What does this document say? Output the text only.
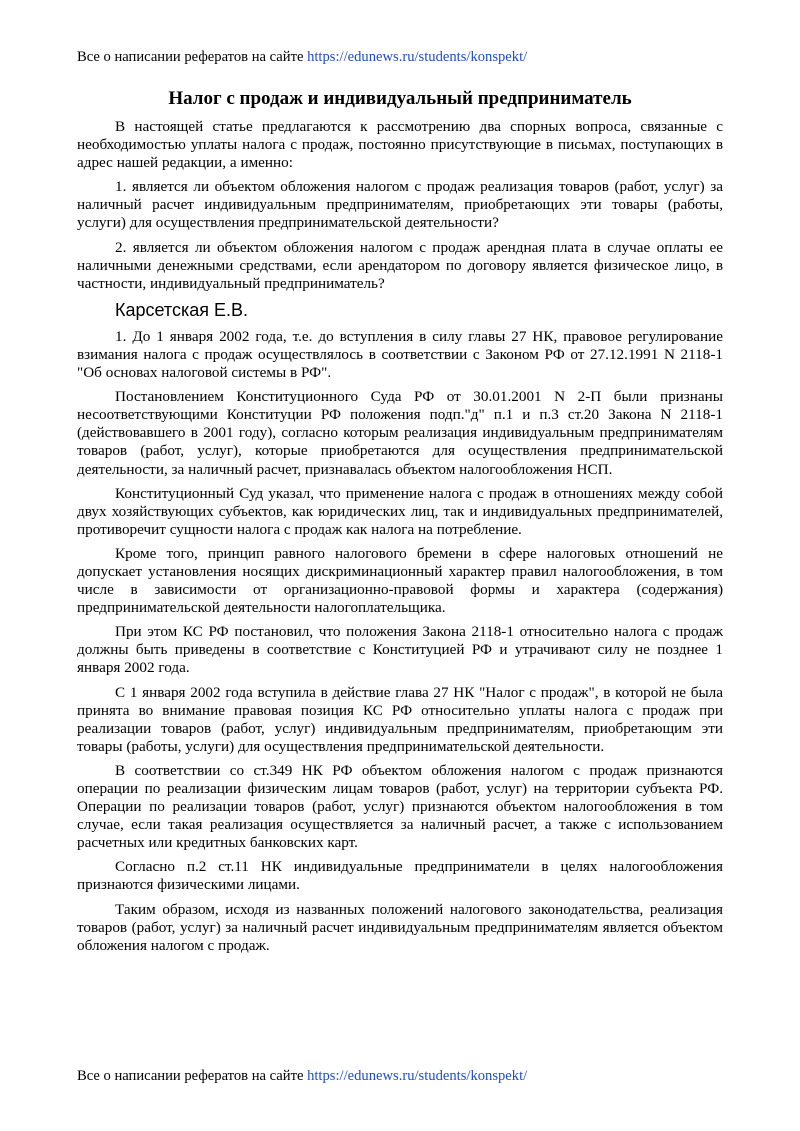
Все о написании рефератов на сайте https://edunews.ru/students/konspekt/
Налог с продаж и индивидуальный предприниматель

В настоящей статье предлагаются к рассмотрению два спорных вопроса, связанные с необходимостью уплаты налога с продаж, постоянно присутствующие в письмах, поступающих в адрес нашей редакции, а именно:

1. является ли объектом обложения налогом с продаж реализация товаров (работ, услуг) за наличный расчет индивидуальным предпринимателям, приобретающих эти товары (работы, услуги) для осуществления предпринимательской деятельности?

2. является ли объектом обложения налогом с продаж арендная плата в случае оплаты ее наличными денежными средствами, если арендатором по договору является физическое лицо, в частности, индивидуальный предприниматель?

Карсетская Е.В.

1. До 1 января 2002 года, т.е. до вступления в силу главы 27 НК, правовое регулирование взимания налога с продаж осуществлялось в соответствии с Законом РФ от 27.12.1991 N 2118-1 "Об основах налоговой системы в РФ".

Постановлением Конституционного Суда РФ от 30.01.2001 N 2-П были признаны несоответствующими Конституции РФ положения подп."д" п.1 и п.3 ст.20 Закона N 2118-1 (действовавшего в 2001 году), согласно которым реализация индивидуальным предпринимателям товаров (работ, услуг), которые приобретаются для осуществления предпринимательской деятельности, за наличный расчет, признавалась объектом налогообложения НСП.

Конституционный Суд указал, что применение налога с продаж в отношениях между собой двух хозяйствующих субъектов, как юридических лиц, так и индивидуальных предпринимателей, противоречит сущности налога с продаж как налога на потребление.

Кроме того, принцип равного налогового бремени в сфере налоговых отношений не допускает установления носящих дискриминационный характер правил налогообложения, в том числе в зависимости от организационно-правовой формы и характера (содержания) предпринимательской деятельности налогоплательщика.

При этом КС РФ постановил, что положения Закона 2118-1 относительно налога с продаж должны быть приведены в соответствие с Конституцией РФ и утрачивают силу не позднее 1 января 2002 года.

С 1 января 2002 года вступила в действие глава 27 НК "Налог с продаж", в которой не была принята во внимание правовая позиция КС РФ относительно уплаты налога с продаж при реализации товаров (работ, услуг) индивидуальным предпринимателям, приобретающим эти товары (работы, услуги) для осуществления предпринимательской деятельности.

В соответствии со ст.349 НК РФ объектом обложения налогом с продаж признаются операции по реализации физическим лицам товаров (работ, услуг) на территории субъекта РФ. Операции по реализации товаров (работ, услуг) признаются объектом налогообложения в том случае, если такая реализация осуществляется за наличный расчет, а также с использованием расчетных или кредитных банковских карт.

Согласно п.2 ст.11 НК индивидуальные предприниматели в целях налогообложения признаются физическими лицами.

Таким образом, исходя из названных положений налогового законодательства, реализация товаров (работ, услуг) за наличный расчет индивидуальным предпринимателям является объектом обложения налогом с продаж.

Все о написании рефератов на сайте https://edunews.ru/students/konspekt/
